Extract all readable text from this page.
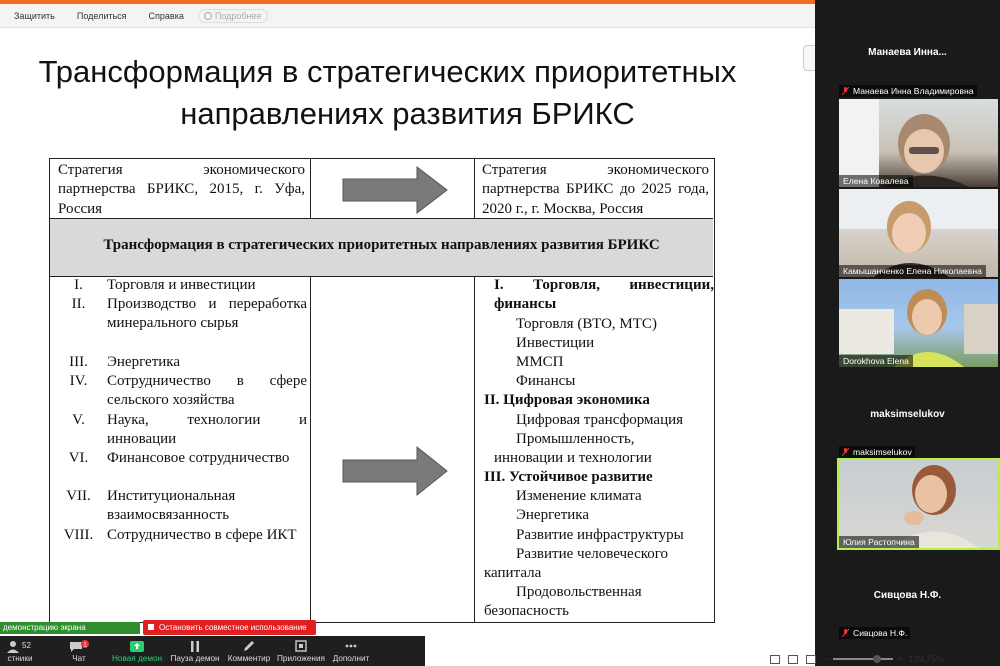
Защитить Поделиться Справка	Подробнее
Трансформация в стратегических приоритетных
направлениях развития БРИКС
Стратегия экономического партнерства БРИКС, 2015, г. Уфа, Россия
Стратегия экономического партнерства БРИКС до 2025 года, 2020 г., г. Москва, Россия
Трансформация в стратегических приоритетных направлениях развития БРИКС
I.	Торговля и инвестиции
II.	Производство и переработка минерального сырья
III.	Энергетика
IV.	Сотрудничество в сфере сельского хозяйства
V.	Наука, технологии и инновации
VI.	Финансовое сотрудничество
VII.	Институциональная взаимосвязанность
VIII. Сотрудничество в сфере ИКТ
I. Торговля, инвестиции, финансы
Торговля (ВТО, МТС)
Инвестиции
ММСП
Финансы
II. Цифровая экономика
Цифровая трансформация
Промышленность,
инновации и технологии
III. Устойчивое развитие
Изменение климата
Энергетика
Развитие инфраструктуры
Развитие человеческого
капитала
Продовольственная
безопасность
Манаева Инна...
Манаева Инна Владимировна
Елена Ковалева
Камышанченко Елена Николаевна
Dorokhova Elena
maksimselukov
maksimselukov
Юлия Растопчина
Сивцова Н.Ф.
Сивцова Н.Ф.
демонстрацию экрана	Остановить совместное использование
52
стники
1
Чат	Новая демон Пауза демон Комментир Приложения Дополнит	−	+ 129,75%
